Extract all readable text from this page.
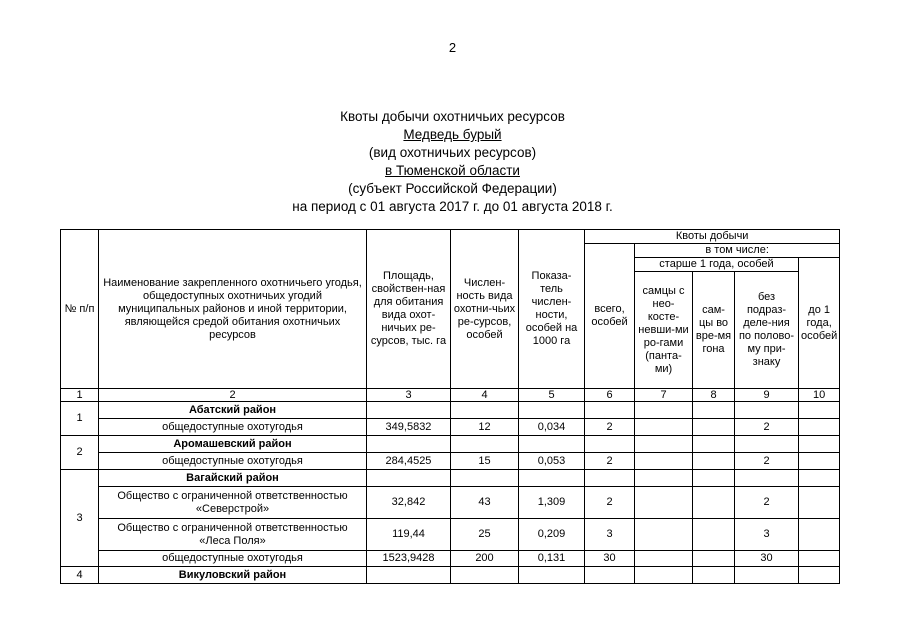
2
Квоты добычи охотничьих ресурсов
Медведь бурый
(вид охотничьих ресурсов)
в Тюменской области
(субъект Российской Федерации)
на период с 01 августа 2017 г. до 01 августа 2018 г.
№ п/п	Наименование закрепленного охотничьего угодья, общедоступных охотничьих угодий муниципальных районов и иной территории, являющейся средой обитания охотничьих ресурсов	Площадь, свойствен-ная для обитания вида охот-ничьих ре-сурсов, тыс. га	Числен-ность вида охотни-чьих ре-сурсов, особей	Показа-тель числен-ности, особей на 1000 га	Квоты добычи				
					всего, особей	в том числе:			
						старше 1 года, особей			до 1 года, особей
						самцы с нео-косте-невши-ми ро-гами (панта-ми)	сам-цы во вре-мя гона	без подраз-деле-ния по полово-му при-знаку	
1	2	3	4	5	6	7	8	9	10
1	Абатский район								
	общедоступные охотугодья	349,5832	12	0,034	2			2	
2	Аромашевский район								
	общедоступные охотугодья	284,4525	15	0,053	2			2	
3	Вагайский район								
	Общество с ограниченной ответственностью «Северстрой»	32,842	43	1,309	2			2	
	Общество с ограниченной ответственностью «Леса Поля»	119,44	25	0,209	3			3	
	общедоступные охотугодья	1523,9428	200	0,131	30			30	
4	Викуловский район								
